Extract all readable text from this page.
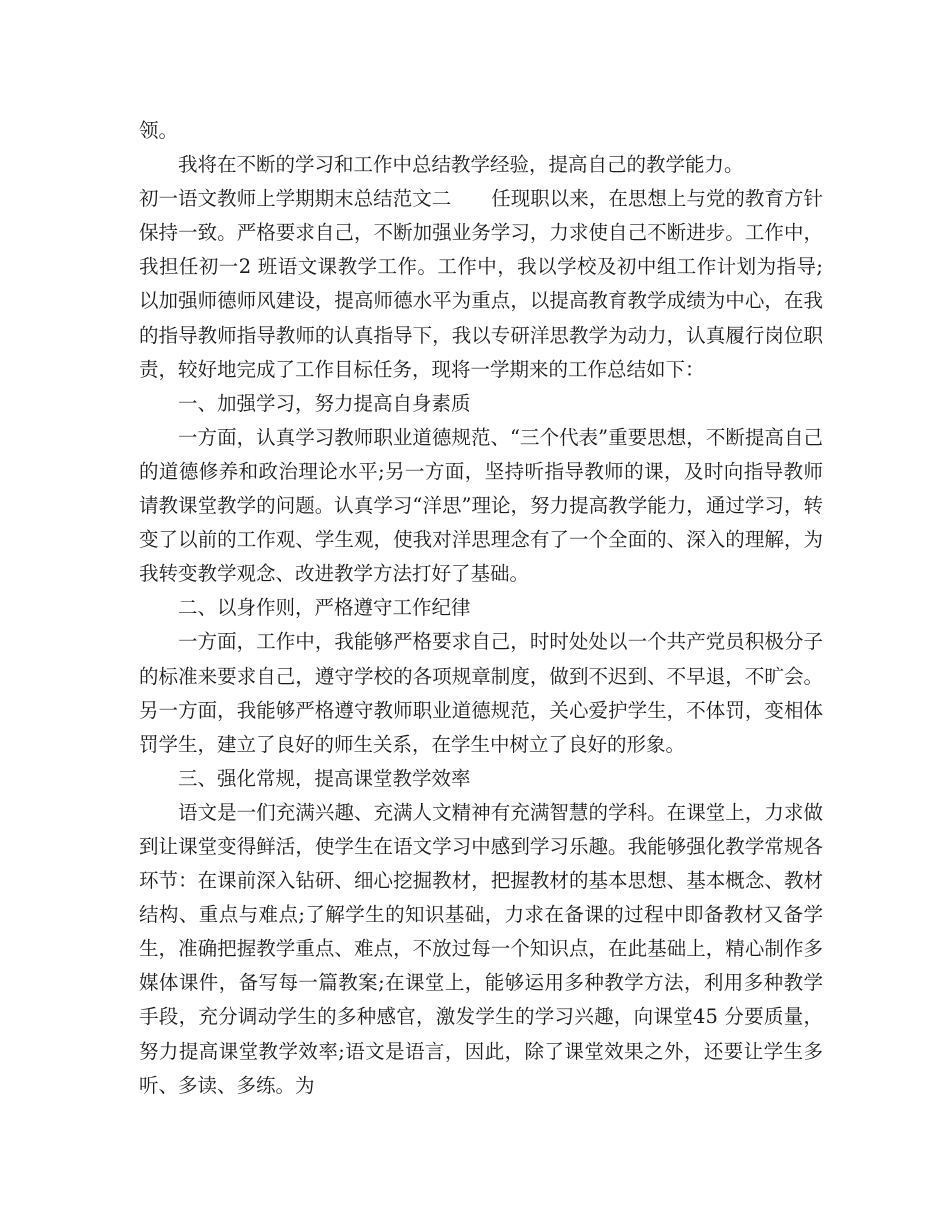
领。

我将在不断的学习和工作中总结教学经验，提高自己的教学能力。

初一语文教师上学期期末总结范文二 任现职以来，在思想上与党的教育方针保持一致。严格要求自己，不断加强业务学习，力求使自己不断进步。工作中，我担任初一2 班语文课教学工作。工作中，我以学校及初中组工作计划为指导;以加强师德师风建设，提高师德水平为重点，以提高教育教学成绩为中心，在我的指导教师指导教师的认真指导下，我以专研洋思教学为动力，认真履行岗位职责，较好地完成了工作目标任务，现将一学期来的工作总结如下：

一、加强学习，努力提高自身素质

一方面，认真学习教师职业道德规范、“三个代表”重要思想，不断提高自己的道德修养和政治理论水平;另一方面，坚持听指导教师的课，及时向指导教师请教课堂教学的问题。认真学习“洋思”理论，努力提高教学能力，通过学习，转变了以前的工作观、学生观，使我对洋思理念有了一个全面的、深入的理解，为我转变教学观念、改进教学方法打好了基础。

二、以身作则，严格遵守工作纪律

一方面，工作中，我能够严格要求自己，时时处处以一个共产党员积极分子的标准来要求自己，遵守学校的各项规章制度，做到不迟到、不早退，不旷会。另一方面，我能够严格遵守教师职业道德规范，关心爱护学生，不体罚，变相体罚学生，建立了良好的师生关系，在学生中树立了良好的形象。

三、强化常规，提高课堂教学效率

语文是一们充满兴趣、充满人文精神有充满智慧的学科。在课堂上，力求做到让课堂变得鲜活，使学生在语文学习中感到学习乐趣。我能够强化教学常规各环节：在课前深入钻研、细心挖掘教材，把握教材的基本思想、基本概念、教材结构、重点与难点;了解学生的知识基础，力求在备课的过程中即备教材又备学生，准确把握教学重点、难点，不放过每一个知识点，在此基础上，精心制作多媒体课件，备写每一篇教案;在课堂上，能够运用多种教学方法，利用多种教学手段，充分调动学生的多种感官，激发学生的学习兴趣，向课堂45 分要质量，努力提高课堂教学效率;语文是语言，因此，除了课堂效果之外，还要让学生多听、多读、多练。为
